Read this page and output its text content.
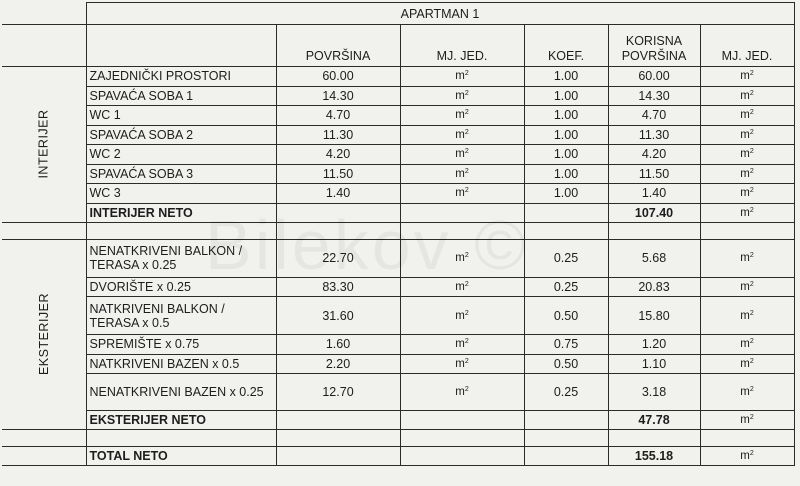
	APARTMAN 1					
		POVRŠINA	MJ. JED.	KOEF.	KORISNA POVRŠINA	MJ. JED.
INTERIJER	ZAJEDNIČKI PROSTORI	60.00	$m^2$	1.00	60.00	$m^2$
	SPAVAĆA SOBA 1	14.30	$m^2$	1.00	14.30	$m^2$
	WC 1	4.70	$m^2$	1.00	4.70	$m^2$
	SPAVAĆA SOBA 2	11.30	$m^2$	1.00	11.30	$m^2$
	WC 2	4.20	$m^2$	1.00	4.20	$m^2$
	SPAVAĆA SOBA 3	11.50	$m^2$	1.00	11.50	$m^2$
	WC 3	1.40	$m^2$	1.00	1.40	$m^2$
	INTERIJER NETO				107.40	$m^2$

EKSTERIJER	NENATKRIVENI BALKON / TERASA x 0.25	22.70	$m^2$	0.25	5.68	$m^2$
	DVORIŠTE x 0.25	83.30	$m^2$	0.25	20.83	$m^2$
	NATKRIVENI BALKON / TERASA x 0.5	31.60	$m^2$	0.50	15.80	$m^2$
	SPREMIŠTE x 0.75	1.60	$m^2$	0.75	1.20	$m^2$
	NATKRIVENI BAZEN x 0.5	2.20	$m^2$	0.50	1.10	$m^2$
	NENATKRIVENI BAZEN x 0.25	12.70	$m^2$	0.25	3.18	$m^2$
	EKSTERIJER NETO				47.78	$m^2$

	TOTAL NETO				155.18	$m^2$
